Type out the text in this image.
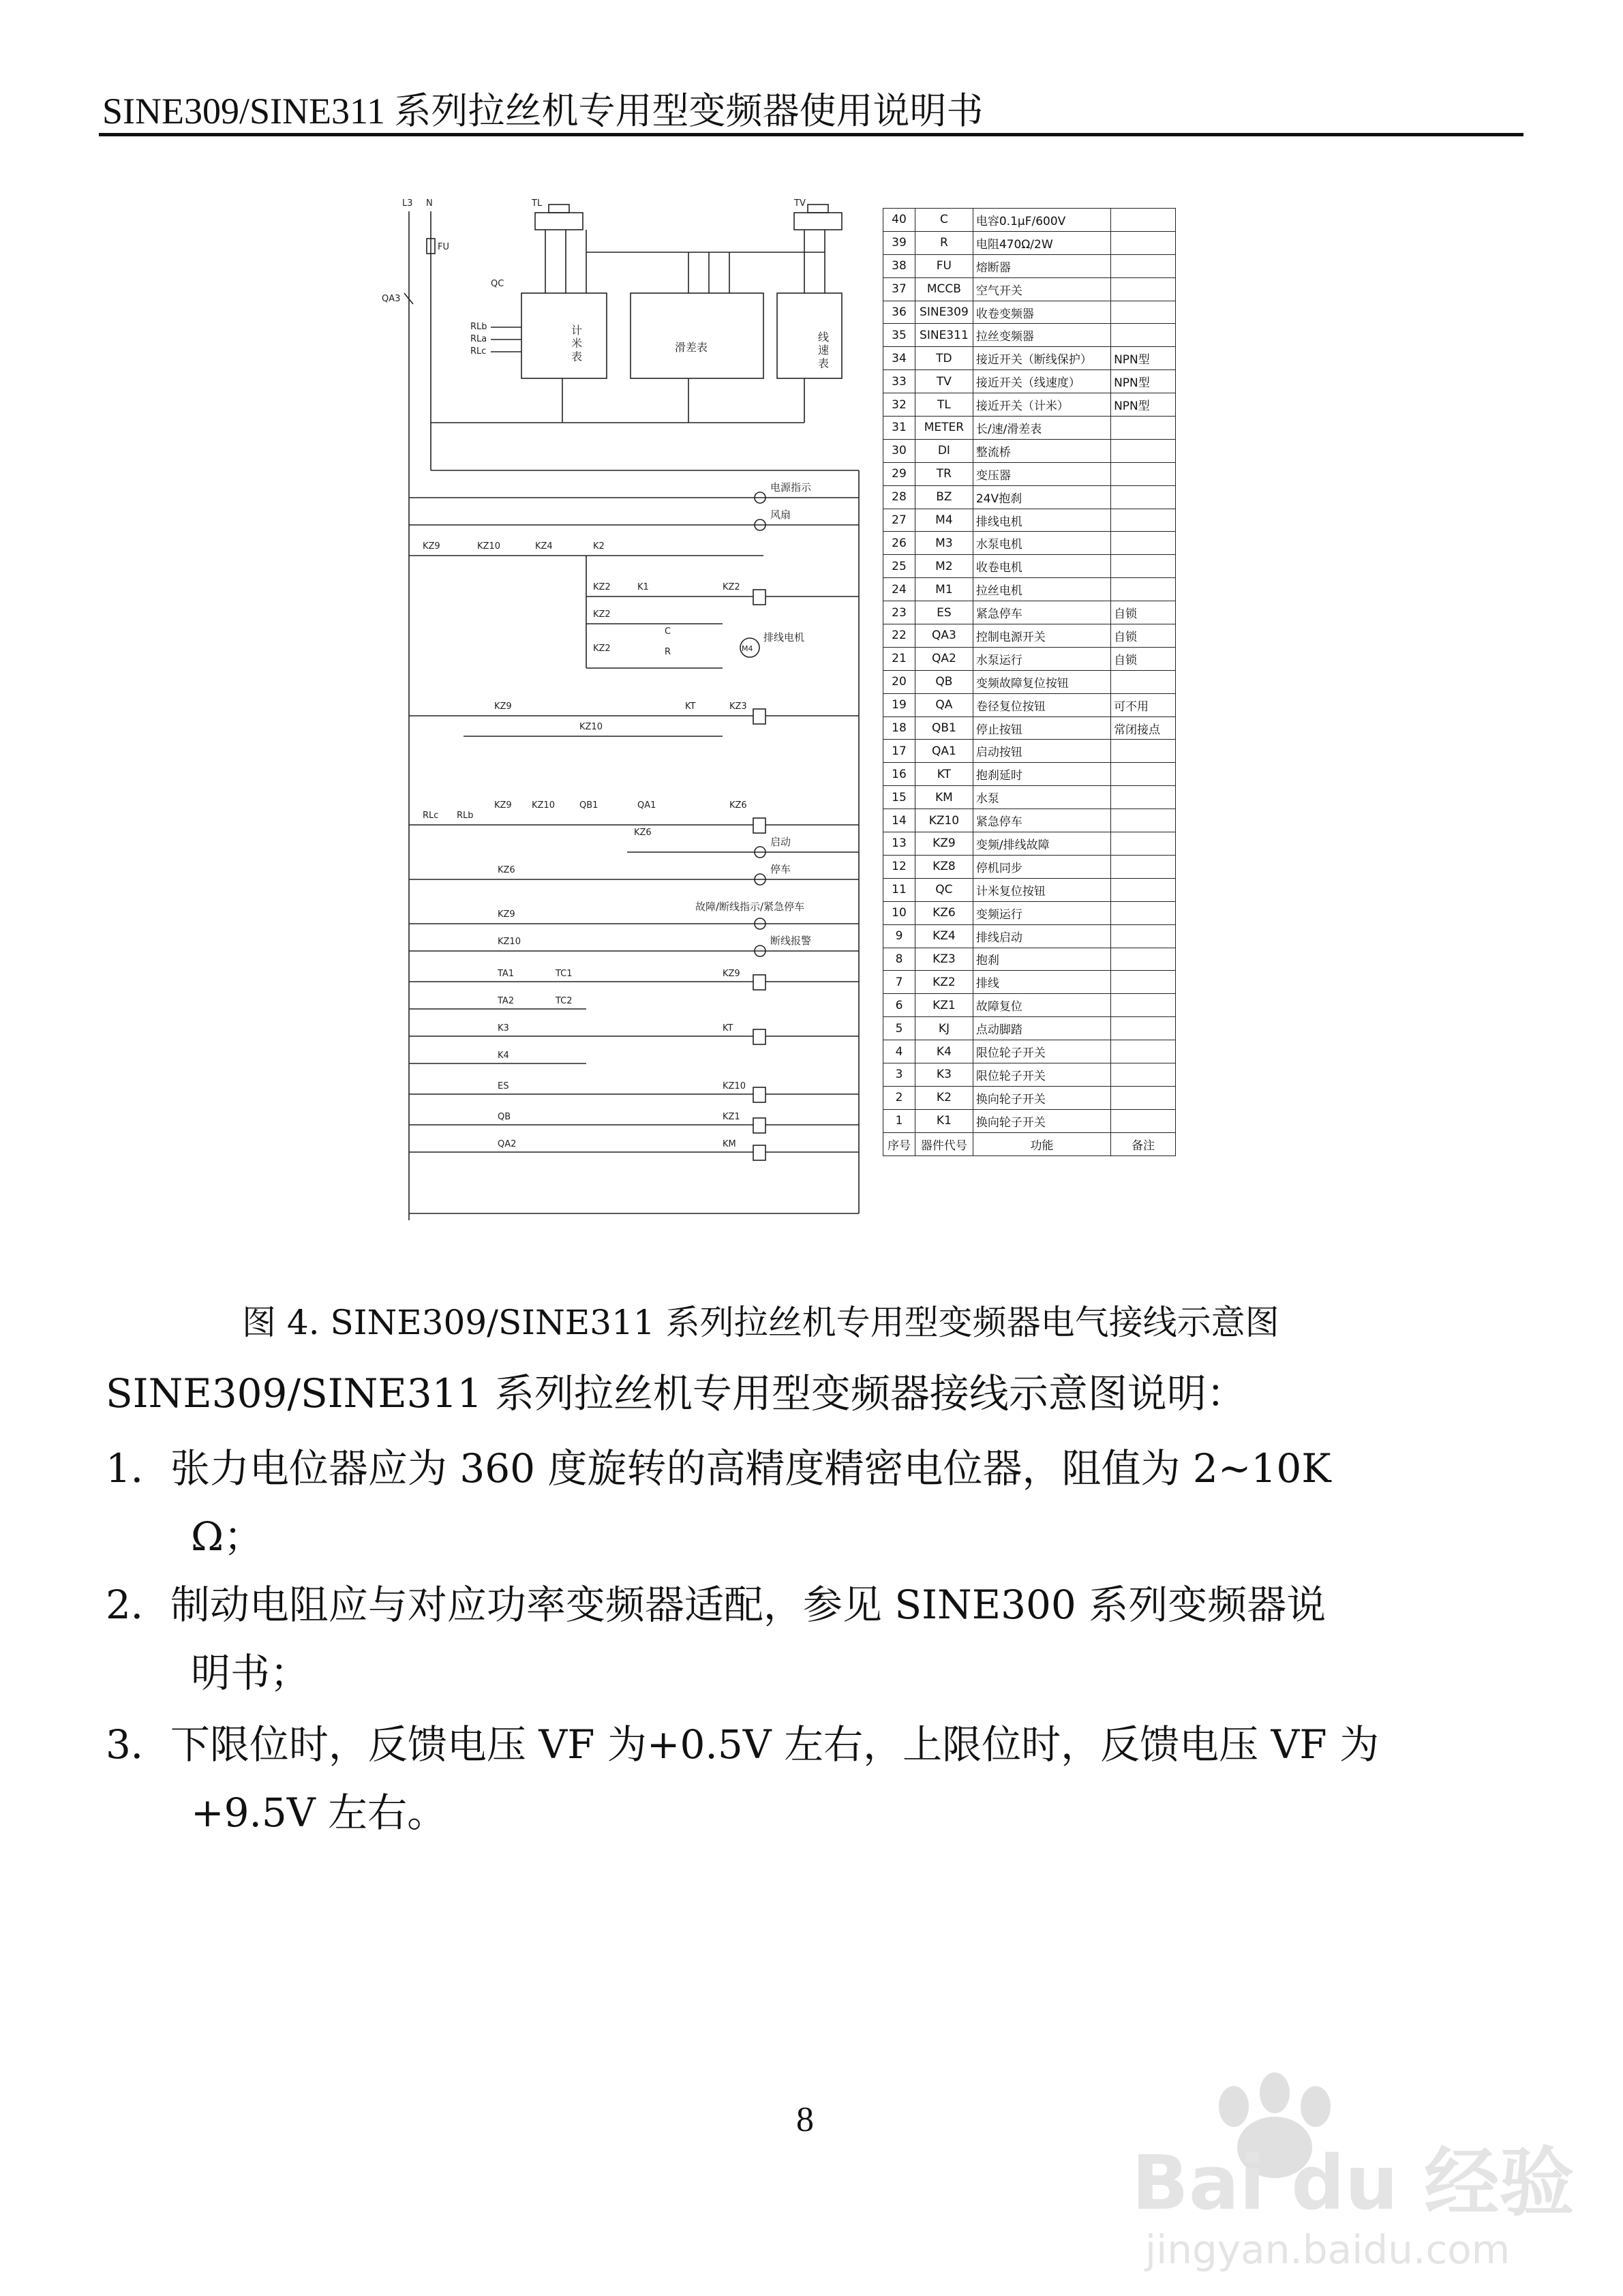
SINE309/SINE311 系列拉丝机专用型变频器使用说明书
L3 N
FU
QA3
TL	TV
计米表
滑差表
线速表
QC
RLb
RLa
RLc
电源指示
风扇
KZ9	KZ10	KZ4	K2
KZ2	K1	KZ2
KZ2
C
R
KZ2	M4
排线电机
KZ9	KT	KZ3
KZ10
RLc RLb
KZ9 KZ10	QB1	QA1	KZ6
KZ6
启动
KZ6	停车
故障/断线指示/紧急停车
KZ9
KZ10	断线报警
TA1	TC1	KZ9
TA2	TC2
K3	KT
K4
ES	KZ10
QB	KZ1
QA2	KM
40	C	电容0.1μF/600V	
39	R	电阻470Ω/2W	
38	FU	熔断器	
37	MCCB	空气开关	
36	SINE309	收卷变频器	
35	SINE311	拉丝变频器	
34	TD	接近开关（断线保护）	NPN型
33	TV	接近开关（线速度）	NPN型
32	TL	接近开关（计米）	NPN型
31	METER	长/速/滑差表	
30	DI	整流桥	
29	TR	变压器	
28	BZ	24V抱刹	
27	M4	排线电机	
26	M3	水泵电机	
25	M2	收卷电机	
24	M1	拉丝电机	
23	ES	紧急停车	自锁
22	QA3	控制电源开关	自锁
21	QA2	水泵运行	自锁
20	QB	变频故障复位按钮	
19	QA	卷径复位按钮	可不用
18	QB1	停止按钮	常闭接点
17	QA1	启动按钮	
16	KT	抱刹延时	
15	KM	水泵	
14	KZ10	紧急停车	
13	KZ9	变频/排线故障	
12	KZ8	停机同步	
11	QC	计米复位按钮	
10	KZ6	变频运行	
9	KZ4	排线启动	
8	KZ3	抱刹	
7	KZ2	排线	
6	KZ1	故障复位	
5	KJ	点动脚踏	
4	K4	限位轮子开关	
3	K3	限位轮子开关	
2	K2	换向轮子开关	
1	K1	换向轮子开关	
序号	器件代号	功能	备注
图 4. SINE309/SINE311 系列拉丝机专用型变频器电气接线示意图
SINE309/SINE311 系列拉丝机专用型变频器接线示意图说明：
1．张力电位器应为 360 度旋转的高精度精密电位器，阻值为 2~10K
Ω；
2．制动电阻应与对应功率变频器适配，参见 SINE300 系列变频器说
明书；
3．下限位时，反馈电压 VF 为+0.5V 左右，上限位时，反馈电压 VF 为
+9.5V 左右。
8
Bai du 经验
jingyan.baidu.com
